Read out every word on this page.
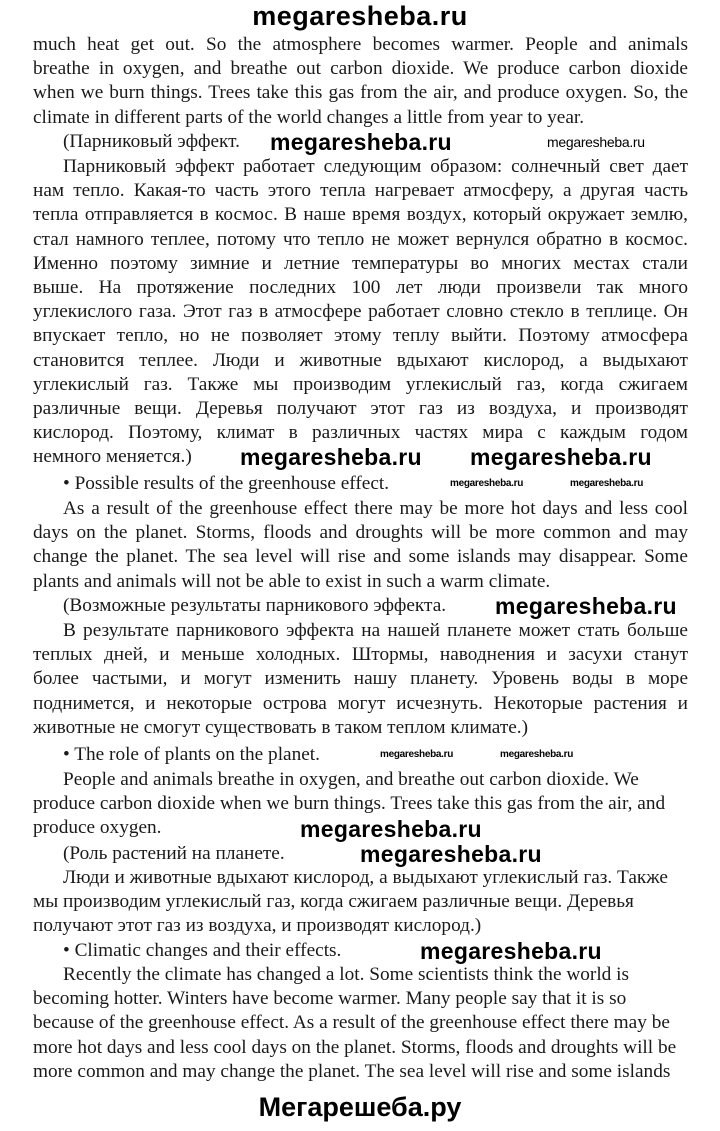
megaresheba.ru
much heat get out. So the atmosphere becomes warmer. People and animals
breathe in oxygen, and breathe out carbon dioxide. We produce carbon dioxide
when we burn things. Trees take this gas from the air, and produce oxygen. So, the
climate in different parts of the world changes a little from year to year.
(Парниковый эффект.
Парниковый эффект работает следующим образом: солнечный свет дает
нам тепло. Какая-то часть этого тепла нагревает атмосферу, а другая часть
тепла отправляется в космос. В наше время воздух, который окружает землю,
стал намного теплее, потому что тепло не может вернулся обратно в космос.
Именно поэтому зимние и летние температуры во многих местах стали
выше. На протяжение последних 100 лет люди произвели так много
углекислого газа. Этот газ в атмосфере работает словно стекло в теплице. Он
впускает тепло, но не позволяет этому теплу выйти. Поэтому атмосфера
становится теплее. Люди и животные вдыхают кислород, а выдыхают
углекислый газ. Также мы производим углекислый газ, когда сжигаем
различные вещи. Деревья получают этот газ из воздуха, и производят
кислород. Поэтому, климат в различных частях мира с каждым годом
немного меняется.)
• Possible results of the greenhouse effect.
As a result of the greenhouse effect there may be more hot days and less cool
days on the planet. Storms, floods and droughts will be more common and may
change the planet. The sea level will rise and some islands may disappear. Some
plants and animals will not be able to exist in such a warm climate.
(Возможные результаты парникового эффекта.
В результате парникового эффекта на нашей планете может стать больше
теплых дней, и меньше холодных. Штормы, наводнения и засухи станут
более частыми, и могут изменить нашу планету. Уровень воды в море
поднимется, и некоторые острова могут исчезнуть. Некоторые растения и
животные не смогут существовать в таком теплом климате.)
• The role of plants on the planet.
People and animals breathe in oxygen, and breathe out carbon dioxide. We
produce carbon dioxide when we burn things. Trees take this gas from the air, and
produce oxygen.
(Роль растений на планете.
Люди и животные вдыхают кислород, а выдыхают углекислый газ. Также
мы производим углекислый газ, когда сжигаем различные вещи. Деревья
получают этот газ из воздуха, и производят кислород.)
• Climatic changes and their effects.
Recently the climate has changed a lot. Some scientists think the world is
becoming hotter. Winters have become warmer. Many people say that it is so
because of the greenhouse effect. As a result of the greenhouse effect there may be
more hot days and less cool days on the planet. Storms, floods and droughts will be
more common and may change the planet. The sea level will rise and some islands
megaresheba.ru	megaresheba.ru
megaresheba.ru	megaresheba.ru
megaresheba.ru	megaresheba.ru
megaresheba.ru
megaresheba.ru
megaresheba.ru
megaresheba.ru
megaresheba.ru
megaresheba.ru
Мегарешеба.ру
